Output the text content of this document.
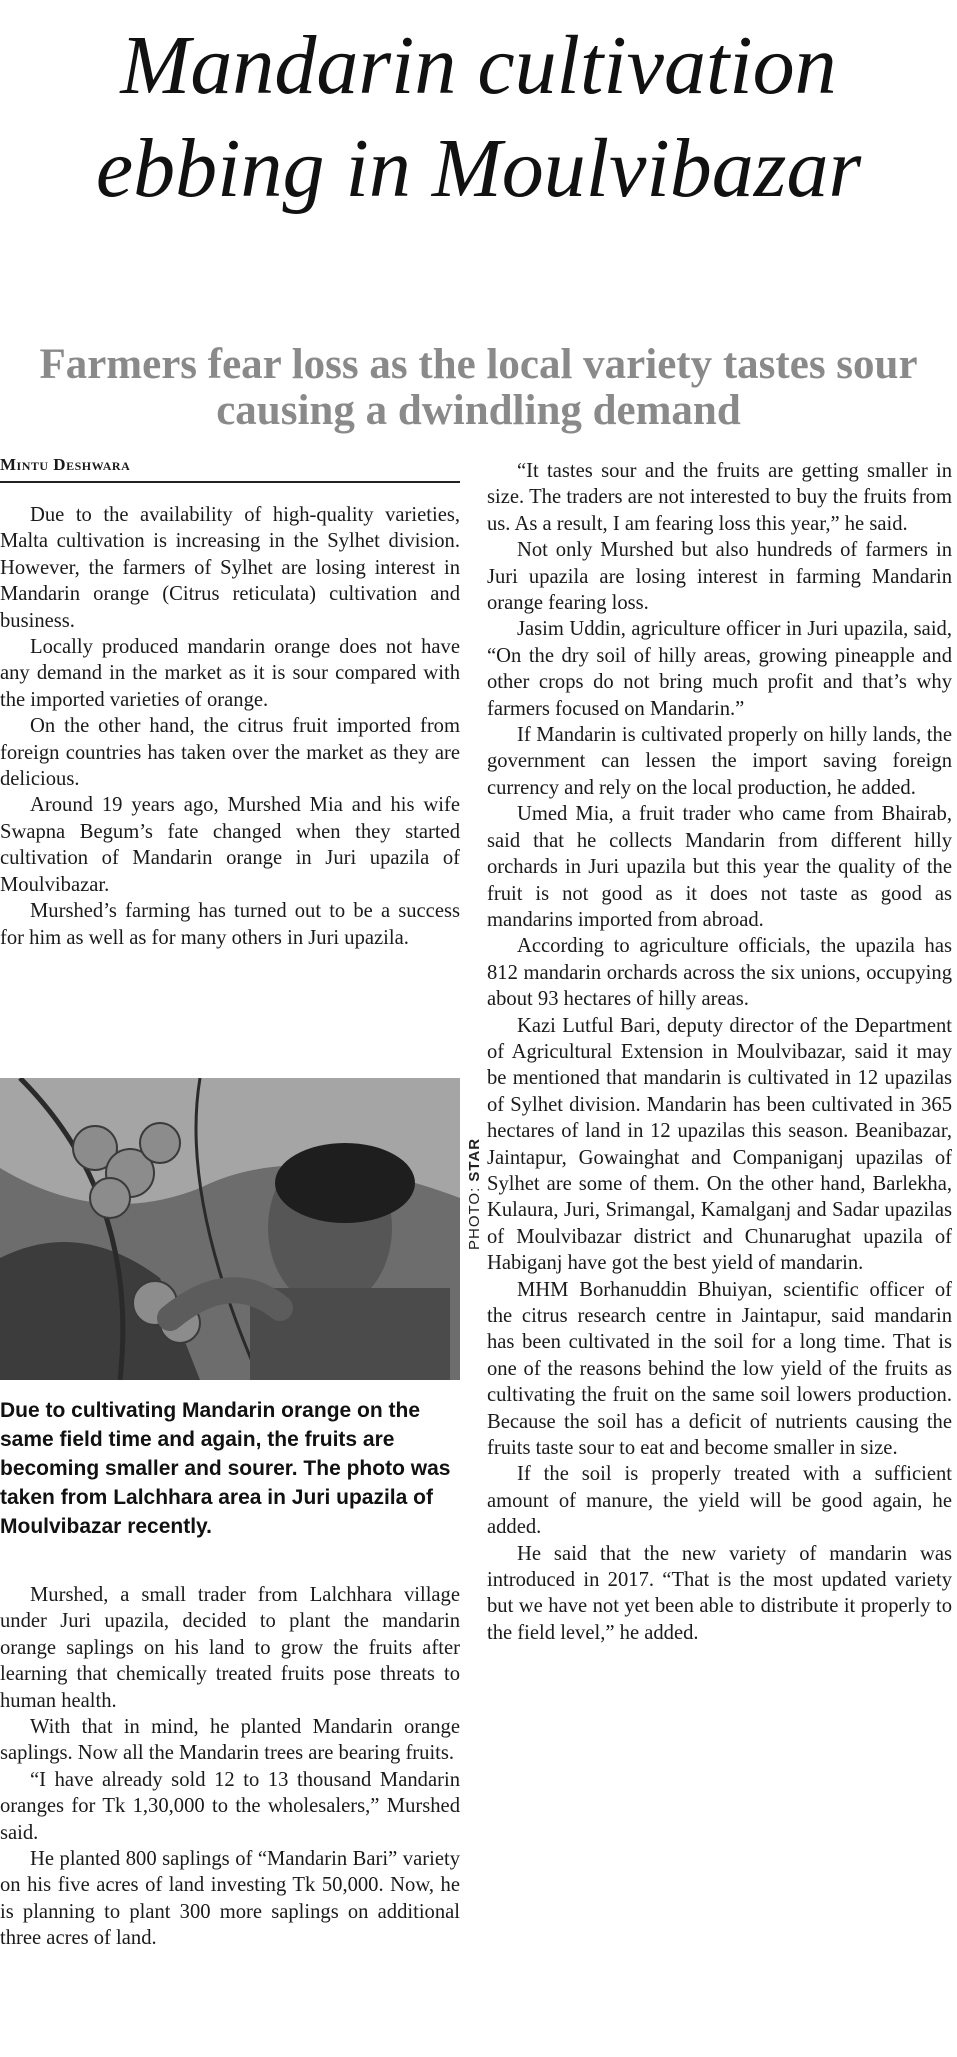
Mandarin cultivation ebbing in Moulvibazar
Farmers fear loss as the local variety tastes sour causing a dwindling demand
Mintu Deshwara

Due to the availability of high-quality varieties, Malta cultivation is increasing in the Sylhet division. However, the farmers of Sylhet are losing interest in Mandarin orange (Citrus reticulata) cultivation and business.

Locally produced mandarin orange does not have any demand in the market as it is sour compared with the imported varieties of orange.

On the other hand, the citrus fruit imported from foreign countries has taken over the market as they are delicious.

Around 19 years ago, Murshed Mia and his wife Swapna Begum’s fate changed when they started cultivation of Mandarin orange in Juri upazila of Moulvibazar.

Murshed’s farming has turned out to be a success for him as well as for many others in Juri upazila.

PHOTO: STAR
Due to cultivating Mandarin orange on the same field time and again, the fruits are becoming smaller and sourer. The photo was taken from Lalchhara area in Juri upazila of Moulvibazar recently.

Murshed, a small trader from Lalchhara village under Juri upazila, decided to plant the mandarin orange saplings on his land to grow the fruits after learning that chemically treated fruits pose threats to human health.

With that in mind, he planted Mandarin orange saplings. Now all the Mandarin trees are bearing fruits.

“I have already sold 12 to 13 thousand Mandarin oranges for Tk 1,30,000 to the wholesalers,” Murshed said.

He planted 800 saplings of “Mandarin Bari” variety on his five acres of land investing Tk 50,000. Now, he is planning to plant 300 more saplings on additional three acres of land.

“It tastes sour and the fruits are getting smaller in size. The traders are not interested to buy the fruits from us. As a result, I am fearing loss this year,” he said.

Not only Murshed but also hundreds of farmers in Juri upazila are losing interest in farming Mandarin orange fearing loss.

Jasim Uddin, agriculture officer in Juri upazila, said, “On the dry soil of hilly areas, growing pineapple and other crops do not bring much profit and that’s why farmers focused on Mandarin.”

If Mandarin is cultivated properly on hilly lands, the government can lessen the import saving foreign currency and rely on the local production, he added.

Umed Mia, a fruit trader who came from Bhairab, said that he collects Mandarin from different hilly orchards in Juri upazila but this year the quality of the fruit is not good as it does not taste as good as mandarins imported from abroad.

According to agriculture officials, the upazila has 812 mandarin orchards across the six unions, occupying about 93 hectares of hilly areas.

Kazi Lutful Bari, deputy director of the Department of Agricultural Extension in Moulvibazar, said it may be mentioned that mandarin is cultivated in 12 upazilas of Sylhet division. Mandarin has been cultivated in 365 hectares of land in 12 upazilas this season. Beanibazar, Jaintapur, Gowainghat and Companiganj upazilas of Sylhet are some of them. On the other hand, Barlekha, Kulaura, Juri, Srimangal, Kamalganj and Sadar upazilas of Moulvibazar district and Chunarughat upazila of Habiganj have got the best yield of mandarin.

MHM Borhanuddin Bhuiyan, scientific officer of the citrus research centre in Jaintapur, said mandarin has been cultivated in the soil for a long time. That is one of the reasons behind the low yield of the fruits as cultivating the fruit on the same soil lowers production. Because the soil has a deficit of nutrients causing the fruits taste sour to eat and become smaller in size.

If the soil is properly treated with a sufficient amount of manure, the yield will be good again, he added.

He said that the new variety of mandarin was introduced in 2017. “That is the most updated variety but we have not yet been able to distribute it properly to the field level,” he added.
